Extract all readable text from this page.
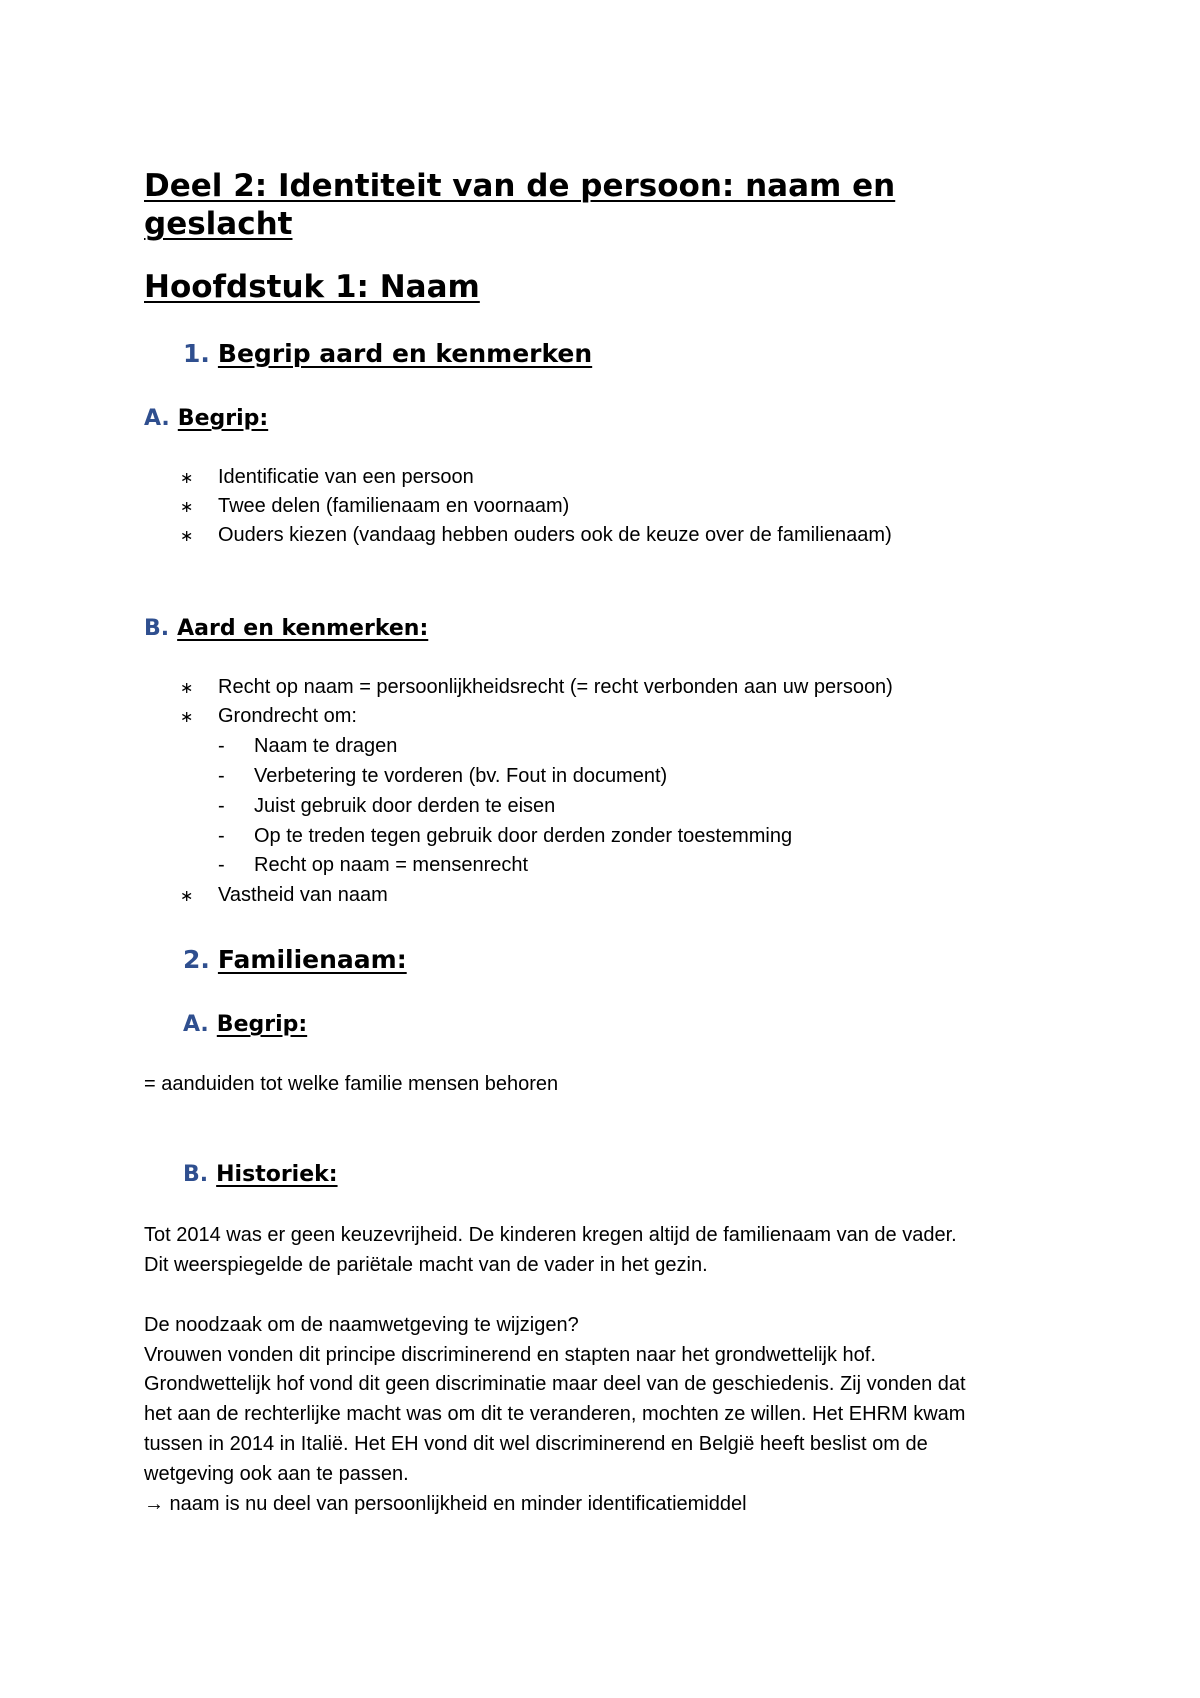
Deel 2: Identiteit van de persoon: naam en
geslacht
Hoofdstuk 1: Naam
1. Begrip aard en kenmerken
A. Begrip:
∗ Identificatie van een persoon
∗ Twee delen (familienaam en voornaam)
∗ Ouders kiezen (vandaag hebben ouders ook de keuze over de familienaam)
B. Aard en kenmerken:
∗ Recht op naam = persoonlijkheidsrecht (= recht verbonden aan uw persoon)
∗ Grondrecht om:
- Naam te dragen
- Verbetering te vorderen (bv. Fout in document)
- Juist gebruik door derden te eisen
- Op te treden tegen gebruik door derden zonder toestemming
- Recht op naam = mensenrecht
∗ Vastheid van naam
2. Familienaam:
A. Begrip:
= aanduiden tot welke familie mensen behoren
B. Historiek:
Tot 2014 was er geen keuzevrijheid. De kinderen kregen altijd de familienaam van de vader.
Dit weerspiegelde de pariëtale macht van de vader in het gezin.
De noodzaak om de naamwetgeving te wijzigen?
Vrouwen vonden dit principe discriminerend en stapten naar het grondwettelijk hof.
Grondwettelijk hof vond dit geen discriminatie maar deel van de geschiedenis. Zij vonden dat
het aan de rechterlijke macht was om dit te veranderen, mochten ze willen. Het EHRM kwam
tussen in 2014 in Italië. Het EH vond dit wel discriminerend en België heeft beslist om de
wetgeving ook aan te passen.
→ naam is nu deel van persoonlijkheid en minder identificatiemiddel
